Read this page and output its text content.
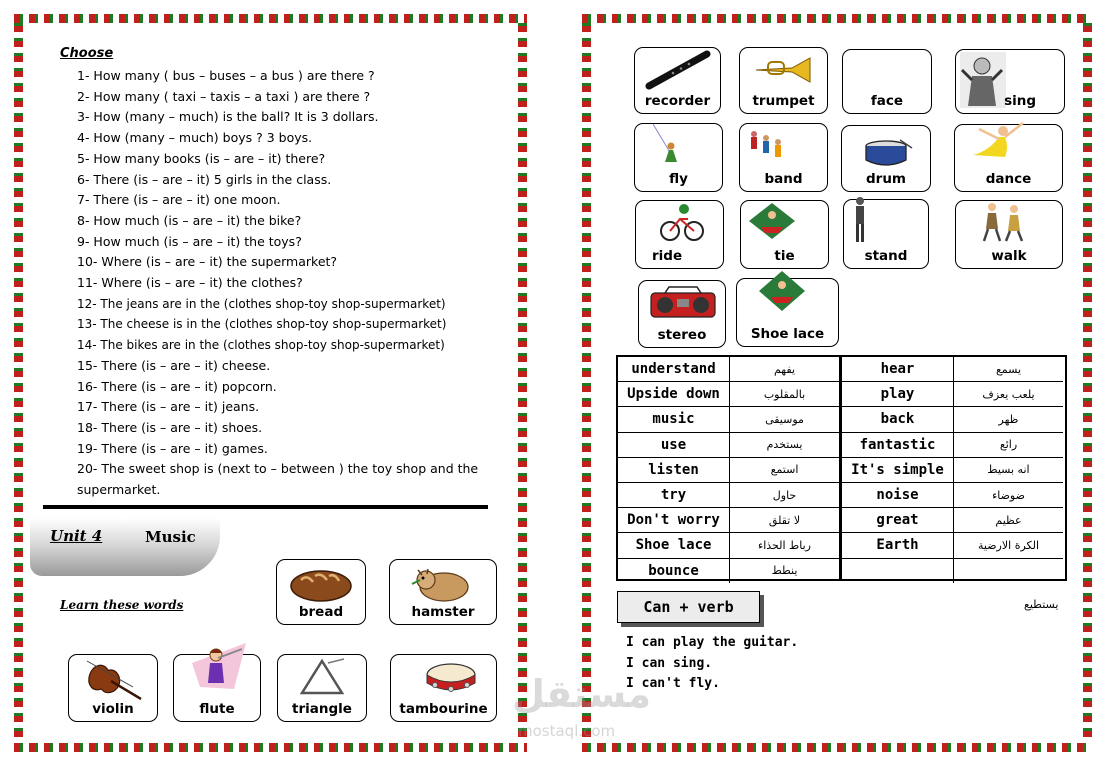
Choose
1- How many ( bus – buses – a bus ) are there ?
2- How many ( taxi – taxis – a taxi ) are there ?
3- How (many – much) is the ball? It is 3 dollars.
4- How (many – much) boys ? 3 boys.
5- How many books (is – are – it) there?
6- There (is – are – it) 5 girls in the class.
7- There (is – are – it) one moon.
8- How much (is – are – it) the bike?
9- How much (is – are – it) the toys?
10- Where (is – are – it) the supermarket?
11- Where (is – are – it) the clothes?
12- The jeans are in the (clothes shop-toy shop-supermarket)
13- The cheese is in the (clothes shop-toy shop-supermarket)
14- The bikes are in the (clothes shop-toy shop-supermarket)
15- There (is – are – it) cheese.
16- There (is – are – it) popcorn.
17- There (is – are – it) jeans.
18- There (is – are – it) shoes.
19- There (is – are – it) games.
20- The sweet shop is (next to – between ) the toy shop and the supermarket.
Unit 4	Music
Learn these words	bread	hamster
violin	flute	triangle	tambourine
recorder	trumpet	face	sing
fly	band	drum	dance
ride	tie	stand	walk
stereo	Shoe lace
understand	يفهم
Upside down	بالمقلوب
music	موسيقى
use	يستخدم
listen	استمع
try	حاول
Don't worry	لا تقلق
Shoe lace	رباط الحذاء
bounce	ينطط
hear	يسمع
play	يلعب يعزف
back	ظهر
fantastic	رائع
It's simple	انه بسيط
noise	ضوضاء
great	عظيم
Earth	الكرة الارضية
Can + verb	يستطيع
I can play the guitar.
I can sing.
I can't fly.
مستقل
mostaql.com
